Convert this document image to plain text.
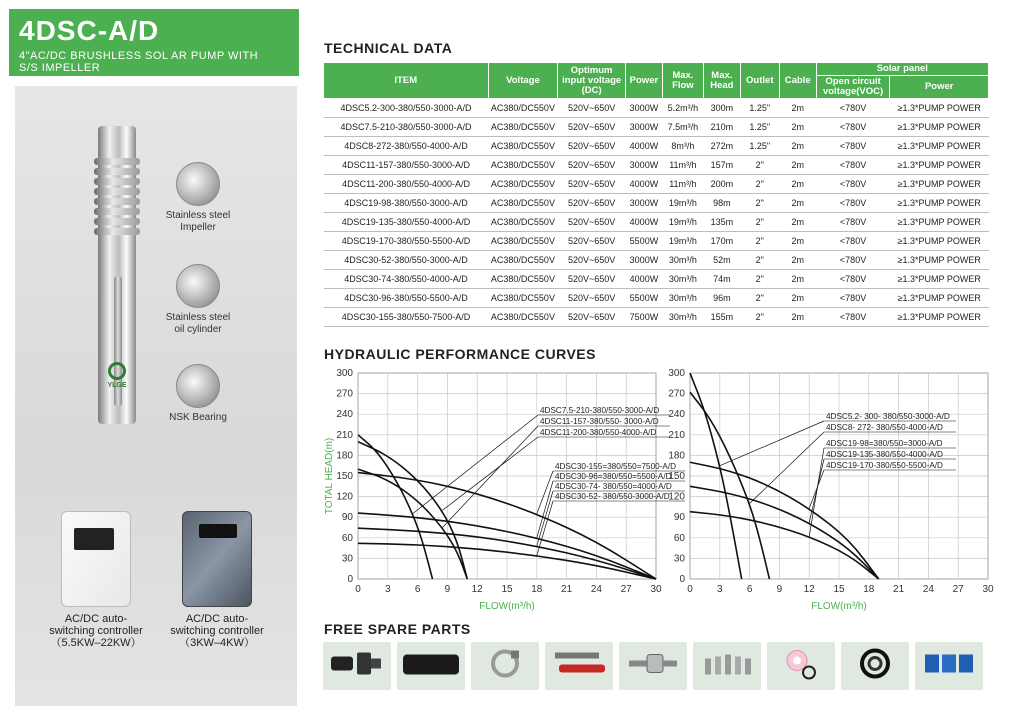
4DSC-A/D
4"AC/DC BRUSHLESS SOL AR PUMP WITH
S/S IMPELLER
YLGE
Stainless steel
Impeller
Stainless steel
oil cylinder
NSK Bearing
AC/DC auto-
switching controller
（5.5KW–22KW）
AC/DC auto-
switching controller
（3KW–4KW）
TECHNICAL DATA
ITEM	Voltage	Optimum input voltage (DC)	Power	Max. Flow	Max. Head	Outlet	Cable	Solar panel	
								Open circuit voltage(VOC)	Power
4DSC5.2-300-380/550-3000-A/D	AC380/DC550V	520V~650V	3000W	5.2m³/h	300m	1.25"	2m	<780V	≥1.3*PUMP POWER
4DSC7.5-210-380/550-3000-A/D	AC380/DC550V	520V~650V	3000W	7.5m³/h	210m	1.25"	2m	<780V	≥1.3*PUMP POWER
4DSC8-272-380/550-4000-A/D	AC380/DC550V	520V~650V	4000W	8m³/h	272m	1.25"	2m	<780V	≥1.3*PUMP POWER
4DSC11-157-380/550-3000-A/D	AC380/DC550V	520V~650V	3000W	11m³/h	157m	2"	2m	<780V	≥1.3*PUMP POWER
4DSC11-200-380/550-4000-A/D	AC380/DC550V	520V~650V	4000W	11m³/h	200m	2"	2m	<780V	≥1.3*PUMP POWER
4DSC19-98-380/550-3000-A/D	AC380/DC550V	520V~650V	3000W	19m³/h	98m	2"	2m	<780V	≥1.3*PUMP POWER
4DSC19-135-380/550-4000-A/D	AC380/DC550V	520V~650V	4000W	19m³/h	135m	2"	2m	<780V	≥1.3*PUMP POWER
4DSC19-170-380/550-5500-A/D	AC380/DC550V	520V~650V	5500W	19m³/h	170m	2"	2m	<780V	≥1.3*PUMP POWER
4DSC30-52-380/550-3000-A/D	AC380/DC550V	520V~650V	3000W	30m³/h	52m	2"	2m	<780V	≥1.3*PUMP POWER
4DSC30-74-380/550-4000-A/D	AC380/DC550V	520V~650V	4000W	30m³/h	74m	2"	2m	<780V	≥1.3*PUMP POWER
4DSC30-96-380/550-5500-A/D	AC380/DC550V	520V~650V	5500W	30m³/h	96m	2"	2m	<780V	≥1.3*PUMP POWER
4DSC30-155-380/550-7500-A/D	AC380/DC550V	520V~650V	7500W	30m³/h	155m	2"	2m	<780V	≥1.3*PUMP POWER
HYDRAULIC PERFORMANCE CURVES
0
30
60
90
120
150
180
210
240
270
300
0 3 6 9 12 15 18 21 24 27 30
FLOW(m³/h)
TOTAL HEAD(m)
4DSC7.5-210-380/550-3000-A/D
4DSC11-157-380/550- 3000-A/D
4DSC11-200-380/550-4000-A/D
4DSC30-155=380/550=7500-A/D
4DSC30-96=380/550=5500-A/D
4DSC30-74- 380/550=4000-A/D
4DSC30-52- 380/550-3000-A/D
0
30
60
90
120
150
180
210
240
270
300
0 3 6 9 12 15 18 21 24 27 30
FLOW(m³/h)
4DSC5.2- 300- 380/550-3000-A/D
4DSC8- 272- 380/550-4000-A/D
4DSC19-98=380/550=3000-A/D
4DSC19-135-380/550-4000-A/D
4DSC19-170-380/550-5500-A/D
FREE SPARE PARTS
